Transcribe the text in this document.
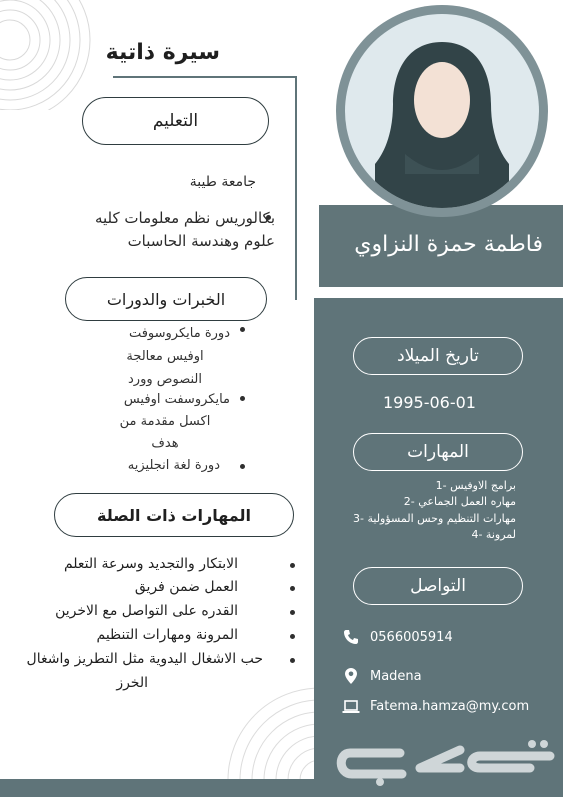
سيرة ذاتية
فاطمة حمزة النزاوي
التعليم
جامعة طيبة
بكالوريس نظم معلومات كليه
علوم وهندسة الحاسبات
الخبرات والدورات
دورة مايكروسوفت
اوفيس معالجة
النصوص وورد
مايكروسفت اوفيس
اكسل مقدمة من
هدف
دورة لغة انجليزيه
المهارات ذات الصلة
الابتكار والتجديد وسرعة التعلم
العمل ضمن فريق
القدره على التواصل مع الاخرين
المرونة ومهارات التنظيم
حب الاشغال اليدوية مثل التطريز واشغال
الخرز
تاريخ الميلاد
1995-06-01
المهارات
برامج الاوفيس -1
مهاره العمل الجماعي -2
مهارات التنظيم وحس المسؤولية -3
لمرونة -4
التواصل
0566005914
Madena
Fatema.hamza@my.com
